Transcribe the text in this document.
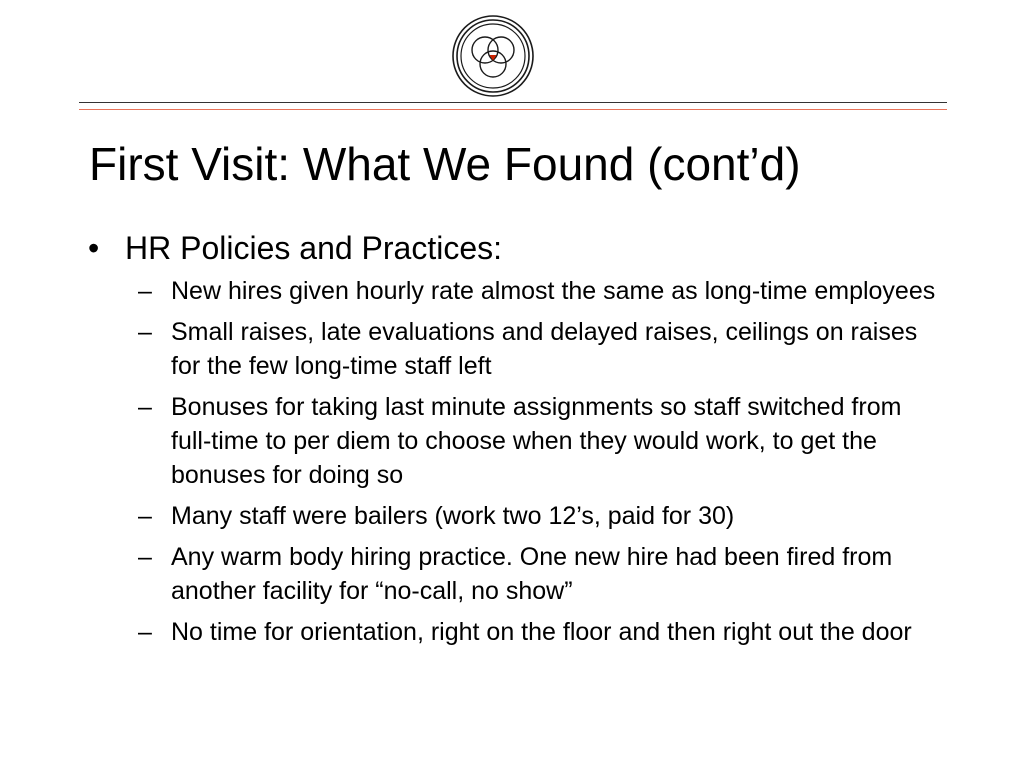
First Visit: What We Found (cont’d)
• HR Policies and Practices:
– New hires given hourly rate almost the same as long-time employees
– Small raises, late evaluations and delayed raises, ceilings on raises for the few long-time staff left
– Bonuses for taking last minute assignments so staff switched from full-time to per diem to choose when they would work, to get the bonuses for doing so
– Many staff were bailers (work two 12’s, paid for 30)
– Any warm body hiring practice. One new hire had been fired from another facility for “no-call, no show”
– No time for orientation, right on the floor and then right out the door
